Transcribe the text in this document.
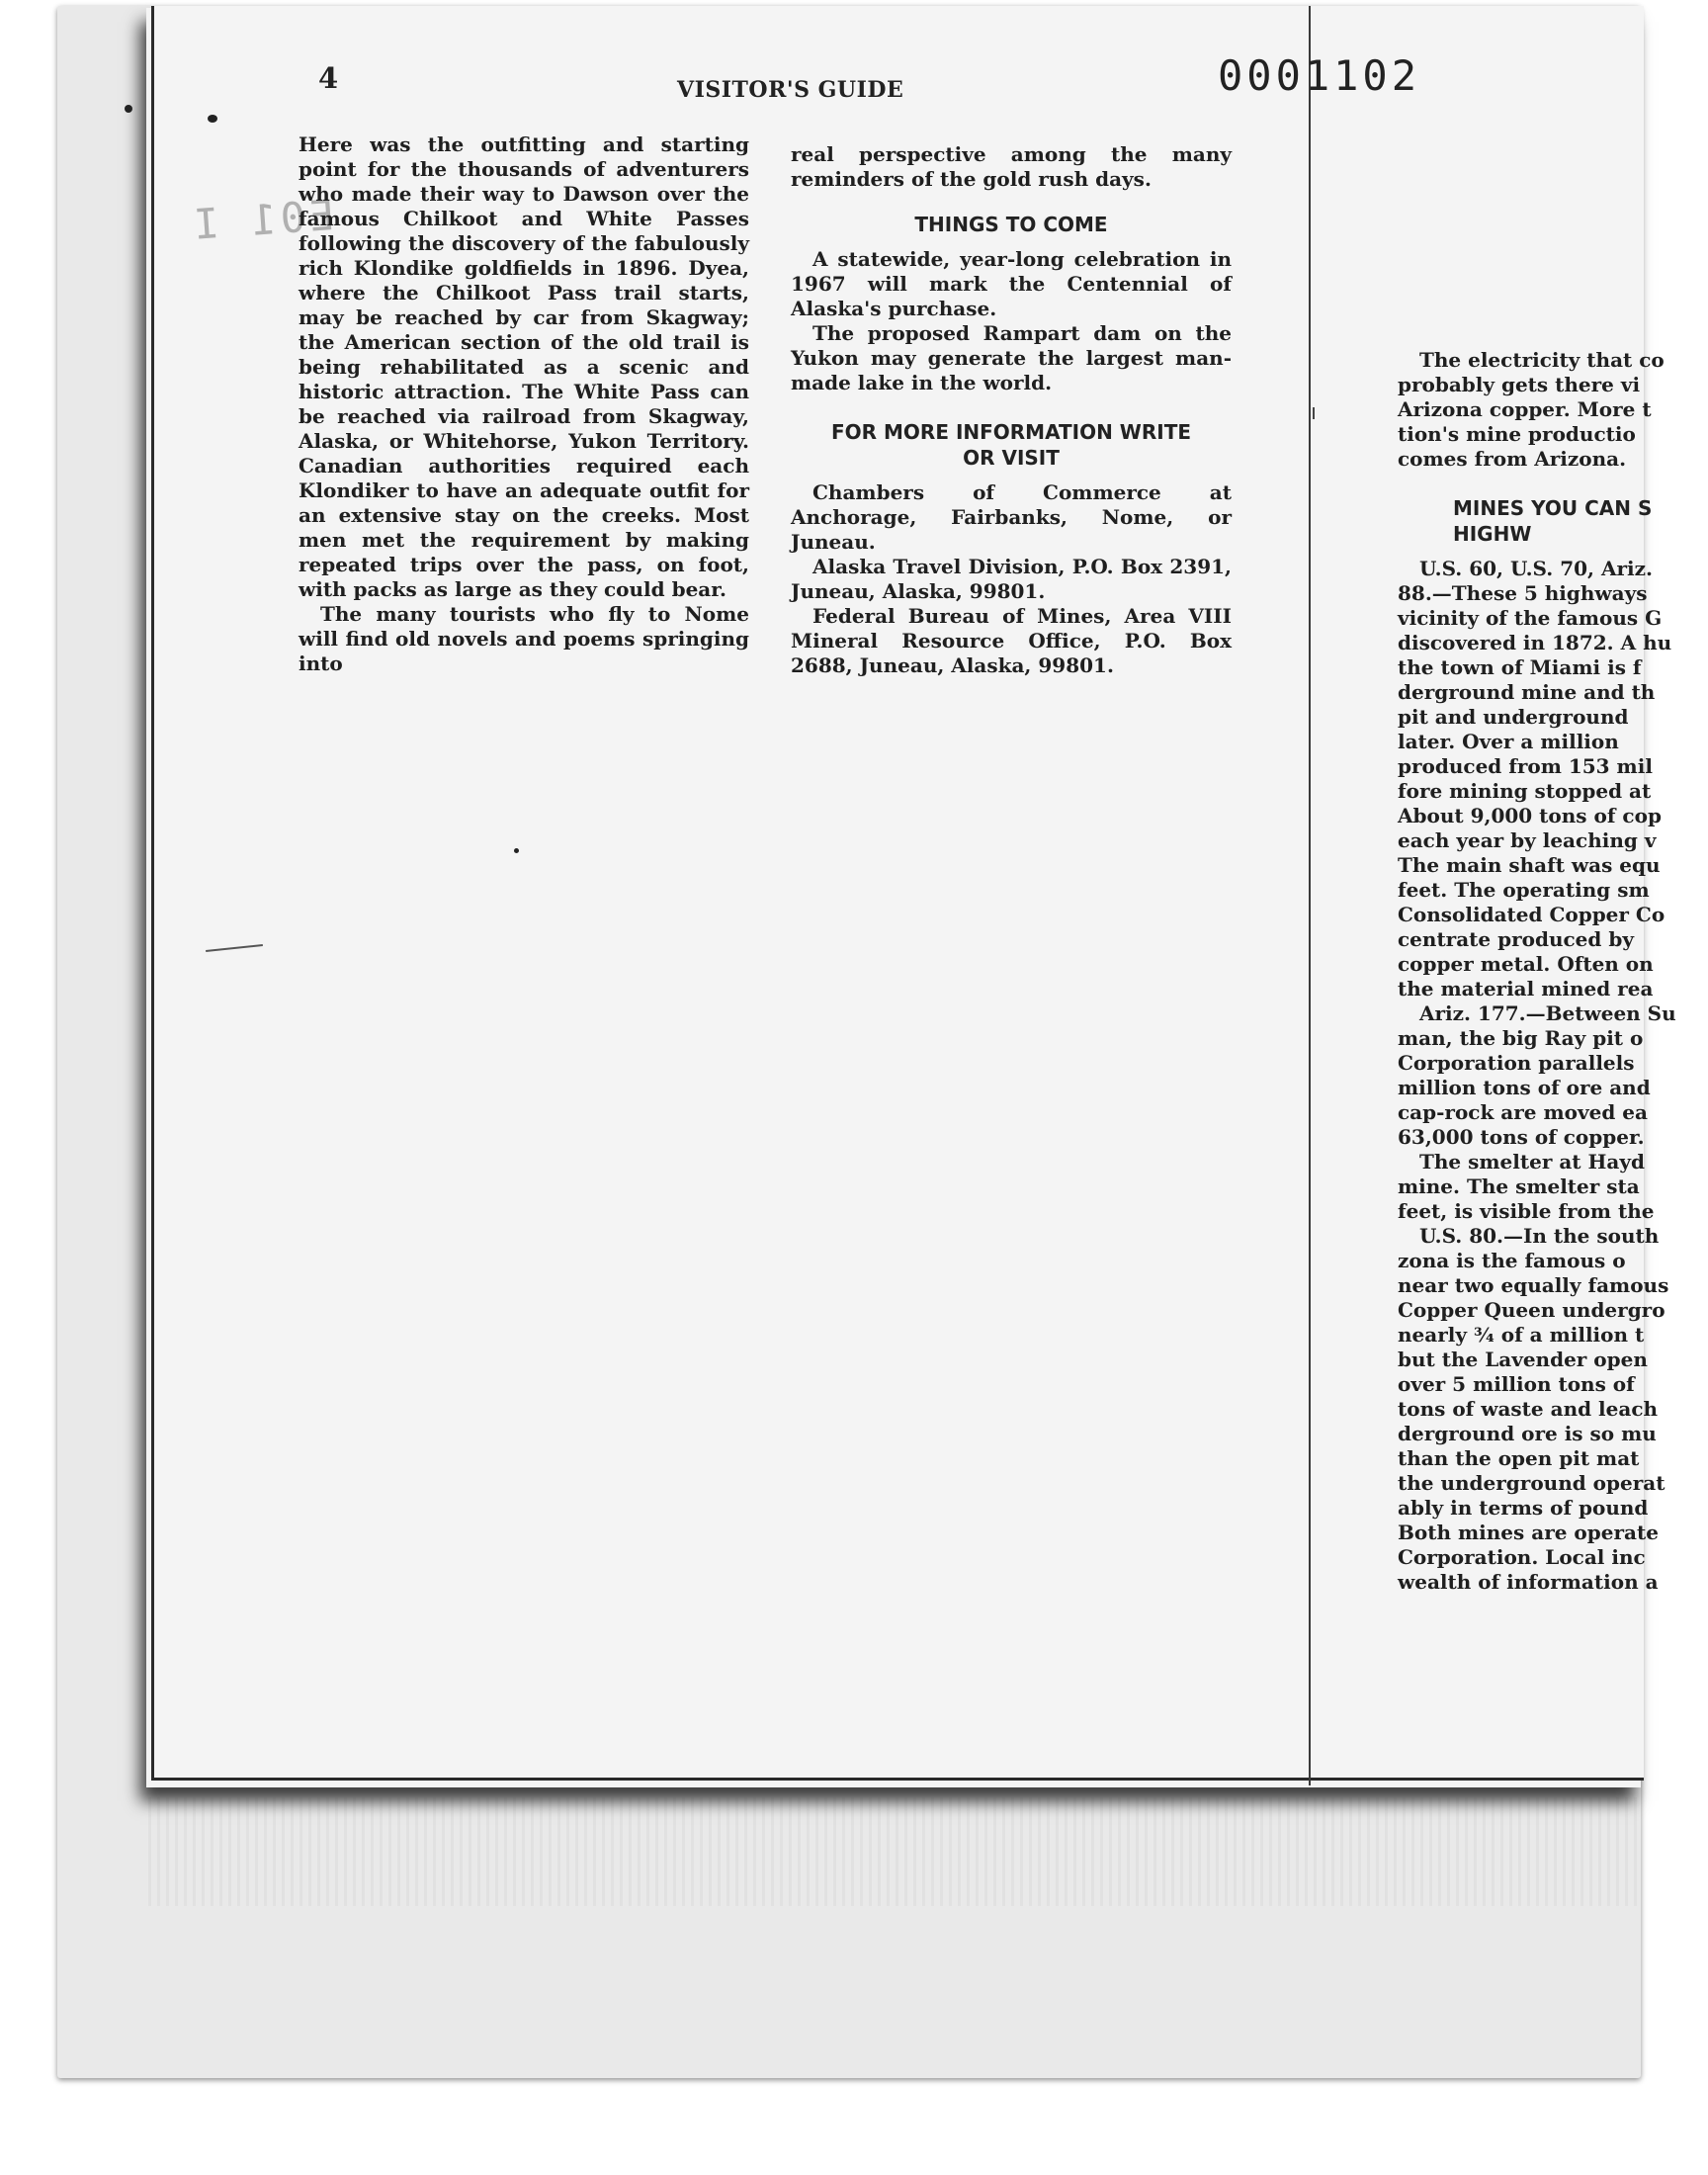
4	VISITOR'S GUIDE	0001102
E01 I

Here was the outfitting and starting point for the thousands of adventurers who made their way to Dawson over the famous Chilkoot and White Passes following the discovery of the fabulously rich Klondike goldfields in 1896. Dyea, where the Chilkoot Pass trail starts, may be reached by car from Skagway; the American section of the old trail is being rehabilitated as a scenic and historic attraction. The White Pass can be reached via railroad from Skagway, Alaska, or Whitehorse, Yukon Territory. Canadian authorities required each Klondiker to have an adequate outfit for an extensive stay on the creeks. Most men met the requirement by making repeated trips over the pass, on foot, with packs as large as they could bear.

The many tourists who fly to Nome will find old novels and poems springing into

real perspective among the many reminders of the gold rush days.

THINGS TO COME

A statewide, year-long celebration in 1967 will mark the Centennial of Alaska's purchase.

The proposed Rampart dam on the Yukon may generate the largest man-made lake in the world.

FOR MORE INFORMATION WRITE
OR VISIT

Chambers of Commerce at Anchorage, Fairbanks, Nome, or Juneau.

Alaska Travel Division, P.O. Box 2391, Juneau, Alaska, 99801.

Federal Bureau of Mines, Area VIII Mineral Resource Office, P.O. Box 2688, Juneau, Alaska, 99801.

The electricity that co
probably gets there vi
Arizona copper. More t
tion's mine productio
comes from Arizona.
MINES YOU CAN S
HIGHW
U.S. 60, U.S. 70, Ariz.
88.—These 5 highways
vicinity of the famous G
discovered in 1872. A hu
the town of Miami is f
derground mine and th
pit and underground
later. Over a million
produced from 153 mil
fore mining stopped at
About 9,000 tons of cop
each year by leaching v
The main shaft was equ
feet. The operating sm
Consolidated Copper Co
centrate produced by
copper metal. Often on
the material mined rea
Ariz. 177.—Between Su
man, the big Ray pit o
Corporation parallels
million tons of ore and
cap-rock are moved ea
63,000 tons of copper.
The smelter at Hayd
mine. The smelter sta
feet, is visible from the
U.S. 80.—In the south
zona is the famous o
near two equally famous
Copper Queen undergro
nearly ¾ of a million t
but the Lavender open
over 5 million tons of
tons of waste and leach
derground ore is so mu
than the open pit mat
the underground operat
ably in terms of pound
Both mines are operate
Corporation. Local inc
wealth of information a
